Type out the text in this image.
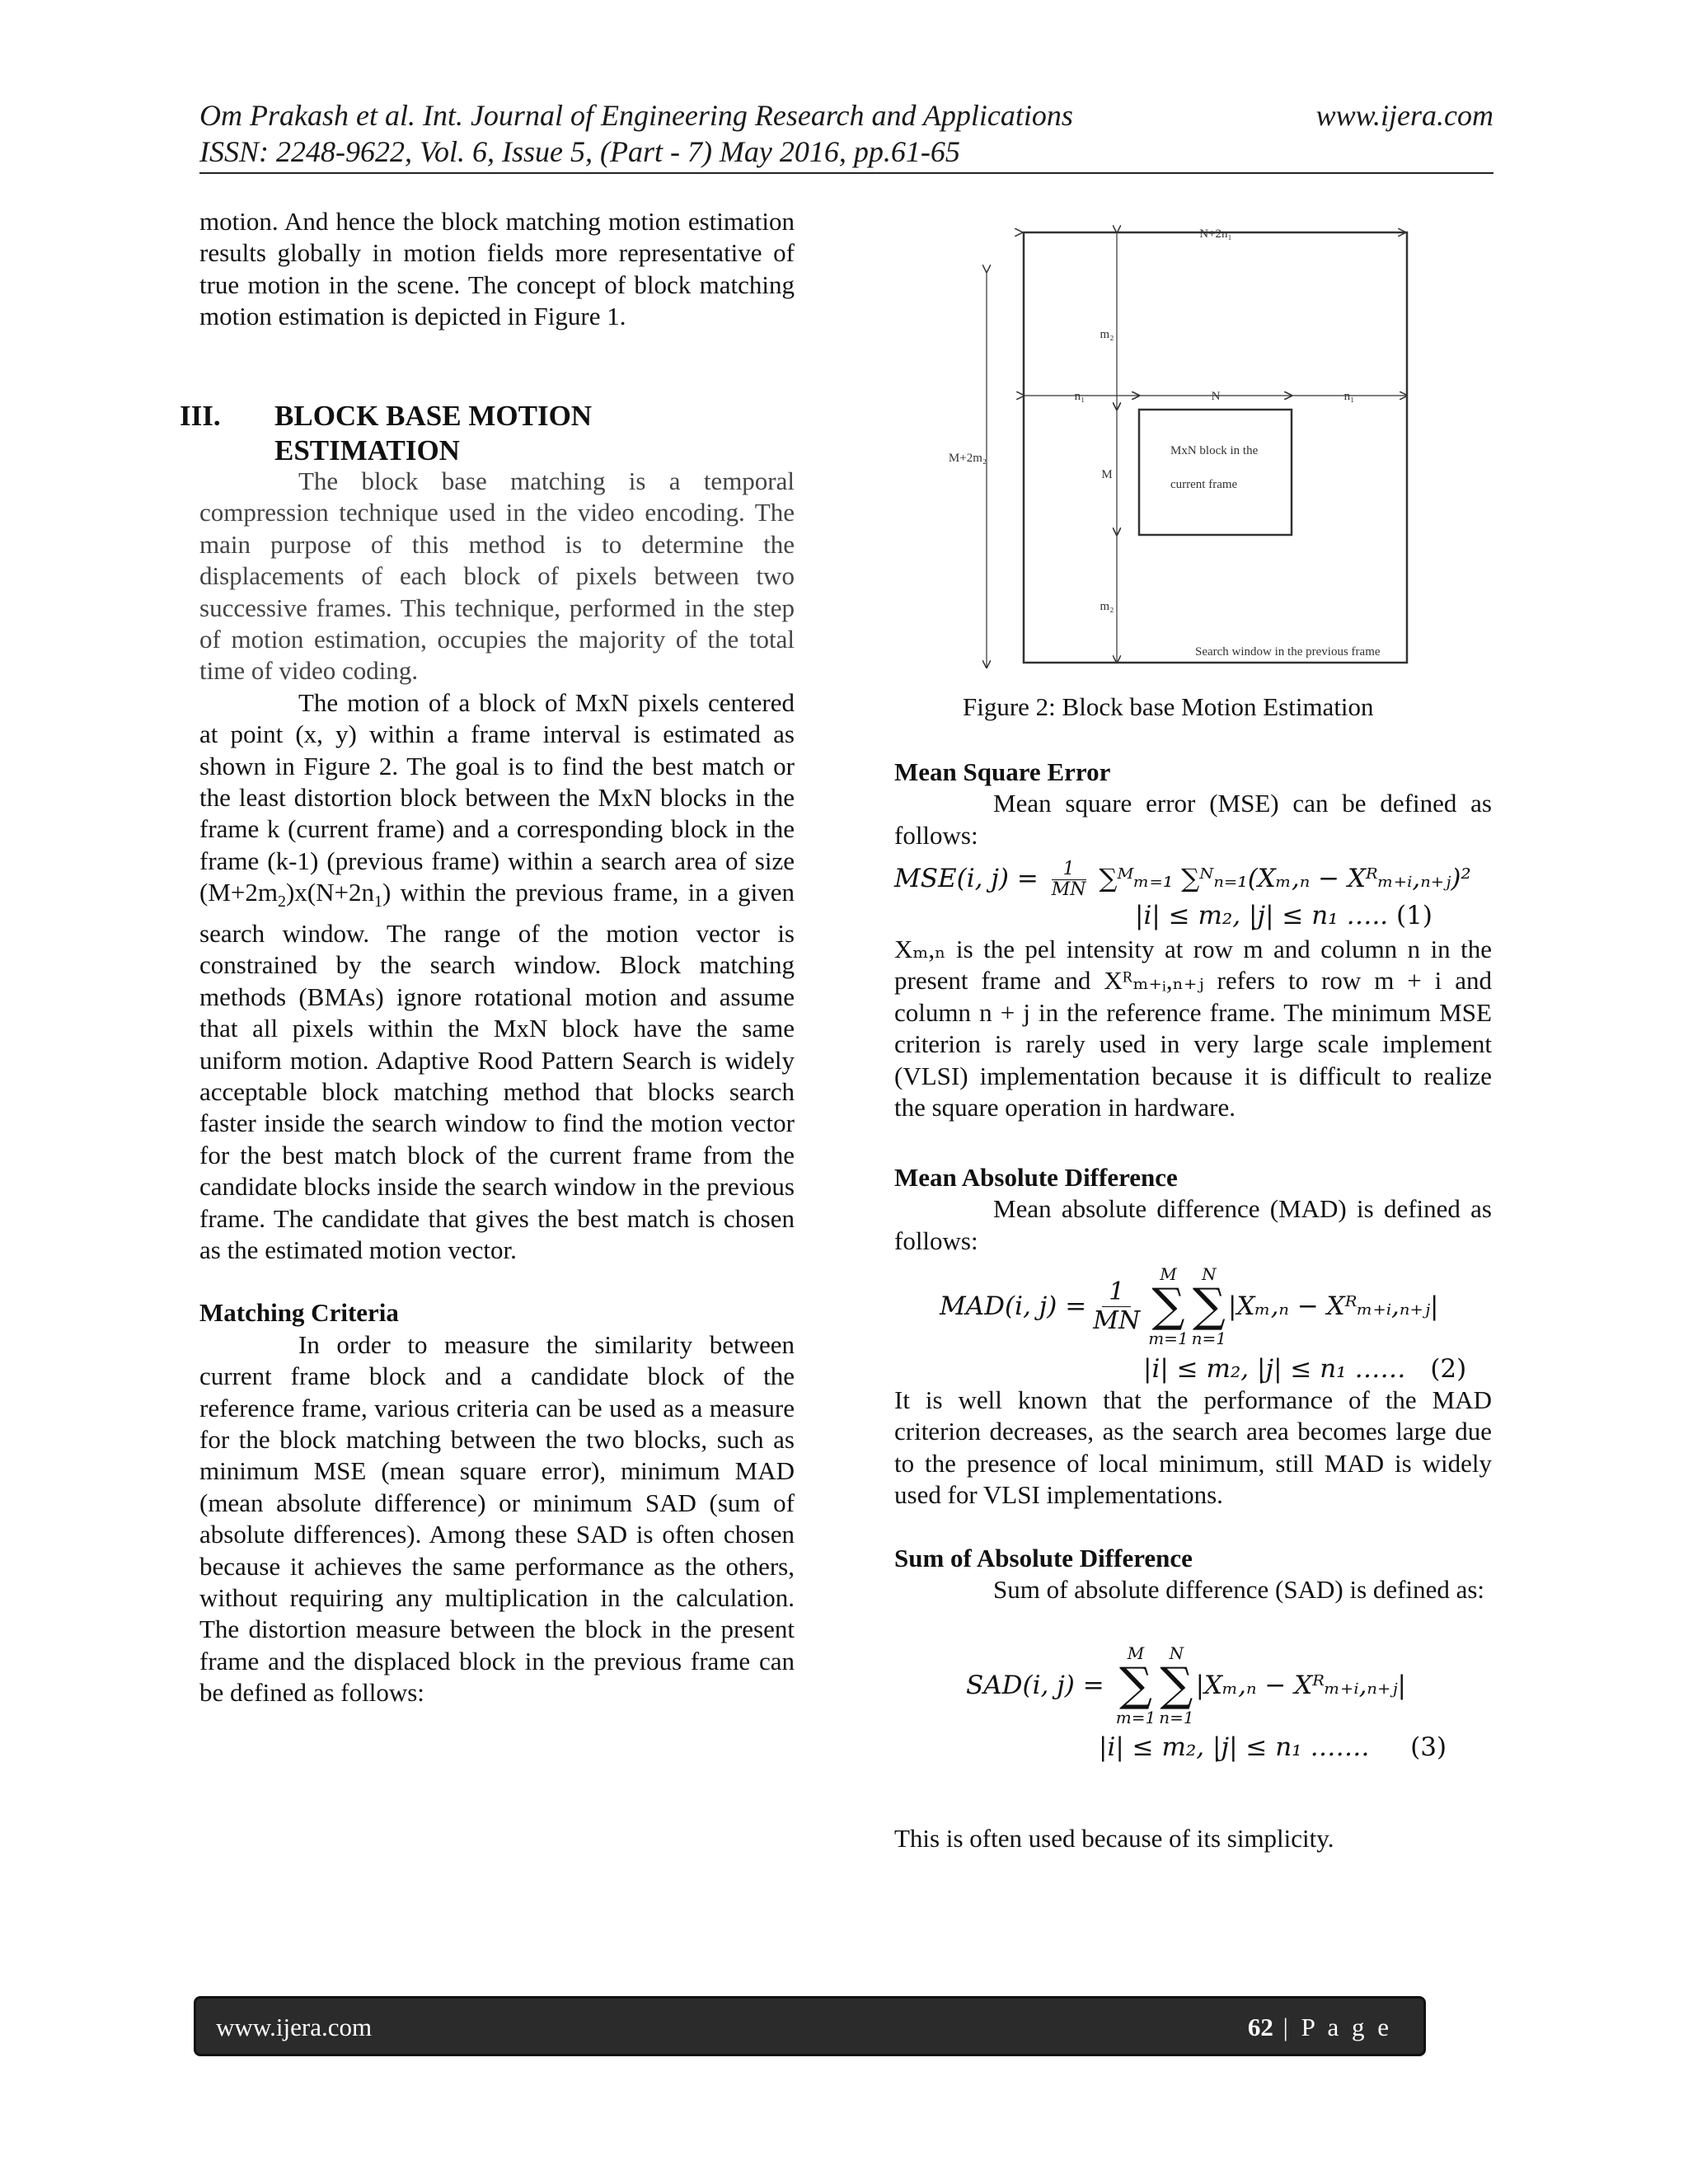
Om Prakash et al. Int. Journal of Engineering Research and Applications	www.ijera.com
ISSN: 2248-9622, Vol. 6, Issue 5, (Part - 7) May 2016, pp.61-65

motion. And hence the block matching motion estimation results globally in motion fields more representative of true motion in the scene. The concept of block matching motion estimation is depicted in Figure 1.

III. BLOCK BASE MOTION
ESTIMATION

The block base matching is a temporal compression technique used in the video encoding. The main purpose of this method is to determine the displacements of each block of pixels between two successive frames. This technique, performed in the step of motion estimation, occupies the majority of the total time of video coding.

The motion of a block of MxN pixels centered at point (x, y) within a frame interval is estimated as shown in Figure 2. The goal is to find the best match or the least distortion block between the MxN blocks in the frame k (current frame) and a corresponding block in the frame (k-1) (previous frame) within a search area of size $(M+2m_2)x(N+2n_1)$ within the previous frame, in a given search window. The range of the motion vector is constrained by the search window. Block matching methods (BMAs) ignore rotational motion and assume that all pixels within the MxN block have the same uniform motion. Adaptive Rood Pattern Search is widely acceptable block matching method that blocks search faster inside the search window to find the motion vector for the best match block of the current frame from the candidate blocks inside the search window in the previous frame. The candidate that gives the best match is chosen as the estimated motion vector.

Matching Criteria

In order to measure the similarity between current frame block and a candidate block of the reference frame, various criteria can be used as a measure for the block matching between the two blocks, such as minimum MSE (mean square error), minimum MAD (mean absolute difference) or minimum SAD (sum of absolute differences). Among these SAD is often chosen because it achieves the same performance as the others, without requiring any multiplication in the calculation. The distortion measure between the block in the present frame and the displaced block in the previous frame can be defined as follows:

N+2n₁
M+2m₂
m₂
M
m₂
n₁	N	n₁
MxN block in the
current frame
Search window in the previous frame
Figure 2: Block base Motion Estimation

Mean Square Error

Mean square error (MSE) can be defined as follows:

MSE(i, $j) = \frac{1}{MN}$ ∑ᴹₘ₌₁ ∑ᴺₙ₌₁(Xₘ,ₙ − Xᴿₘ₊ᵢ,ₙ₊ⱼ)²
|i| ≤ m₂, |j| ≤ n₁ ….. (1)

Xₘ,ₙ is the pel intensity at row m and column n in the present frame and Xᴿₘ₊ᵢ,ₙ₊ⱼ refers to row m + i and column n + j in the reference frame. The minimum MSE criterion is rarely used in very large scale implement (VLSI) implementation because it is difficult to realize the square operation in hardware.

Mean Absolute Difference

Mean absolute difference (MAD) is defined as follows:

MAD(i, $j) = \frac{1}{MN}$
M
∑
m=1
N
∑
n=1
|Xₘ,ₙ − Xᴿₘ₊ᵢ,ₙ₊ⱼ|
|i| ≤ m₂, |j| ≤ n₁ …… (2)

It is well known that the performance of the MAD criterion decreases, as the search area becomes large due to the presence of local minimum, still MAD is widely used for VLSI implementations.

Sum of Absolute Difference

Sum of absolute difference (SAD) is defined as:

SAD(i, j) =
M
∑
m=1
N
∑
n=1
|Xₘ,ₙ − Xᴿₘ₊ᵢ,ₙ₊ⱼ|
|i| ≤ m₂, |j| ≤ n₁ ……. (3)

This is often used because of its simplicity.

www.ijera.com	62 | P a g e
